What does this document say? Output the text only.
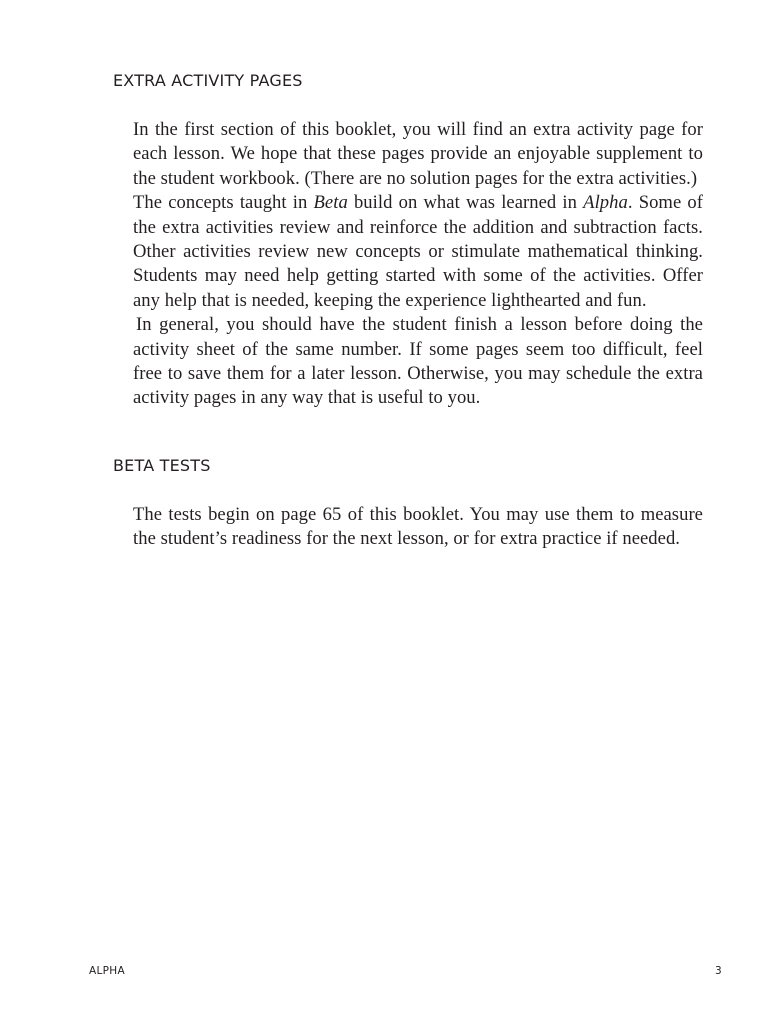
EXTRA ACTIVITY PAGES
In the first section of this booklet, you will find an extra activity page for
each lesson. We hope that these pages provide an enjoyable supplement to
the student workbook. (There are no solution pages for the extra activities.)
The concepts taught in Beta build on what was learned in Alpha. Some of
the extra activities review and reinforce the addition and subtraction facts.
Other activities review new concepts or stimulate mathematical thinking.
Students may need help getting started with some of the activities. Offer
any help that is needed, keeping the experience lighthearted and fun.
In general, you should have the student finish a lesson before doing the
activity sheet of the same number. If some pages seem too difficult, feel
free to save them for a later lesson. Otherwise, you may schedule the extra
activity pages in any way that is useful to you.
BETA TESTS
The tests begin on page 65 of this booklet. You may use them to measure
the student’s readiness for the next lesson, or for extra practice if needed.
ALPHA	3
